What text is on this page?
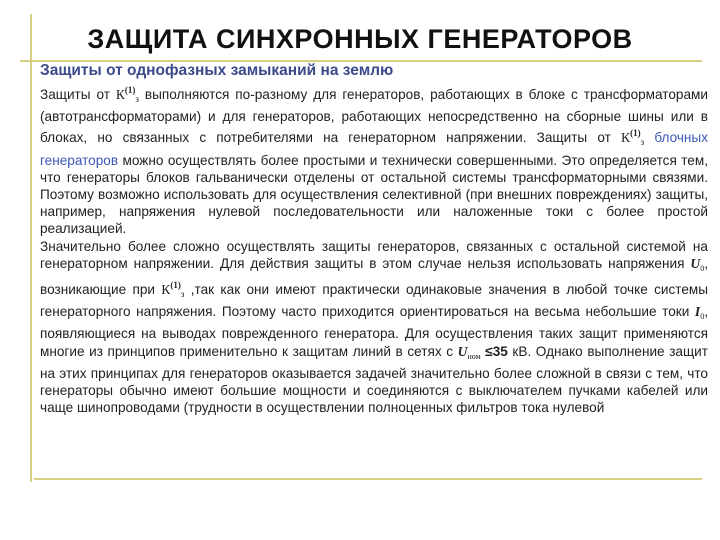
ЗАЩИТА СИНХРОННЫХ ГЕНЕРАТОРОВ
Защиты от однофазных замыканий на землю

Защиты от $К^{(1)}_з$ выполняются по-разному для генераторов, работающих в блоке с трансформаторами (автотрансформаторами) и для генераторов, работающих непосредственно на сборные шины или в блоках, но связанных с потребителями на генераторном напряжении. Защиты от $К^{(1)}_з$ блочных генераторов можно осуществлять более простыми и технически совершенными. Это определяется тем, что генераторы блоков гальванически отделены от остальной системы трансформаторными связями. Поэтому возможно использовать для осуществления селективной (при внешних повреждениях) защиты, например, напряжения нулевой последовательности или наложенные токи с более простой реализацией.

Значительно более сложно осуществлять защиты генераторов, связанных с остальной системой на генераторном напряжении. Для действия защиты в этом случае нельзя использовать напряжения $U_0$, возникающие при $К^{(1)}_з$ ,так как они имеют практически одинаковые значения в любой точке системы генераторного напряжения. Поэтому часто приходится ориентироваться на весьма небольшие токи $I_0$, появляющиеся на выводах поврежденного генератора. Для осуществления таких защит применяются многие из принципов применительно к защитам линий в сетях с $U_{ном} \le 35$ кВ. Однако выполнение защит на этих принципах для генераторов оказывается задачей значительно более сложной в связи с тем, что генераторы обычно имеют большие мощности и соединяются с выключателем пучками кабелей или чаще шинопроводами (трудности в осуществлении полноценных фильтров тока нулевой
